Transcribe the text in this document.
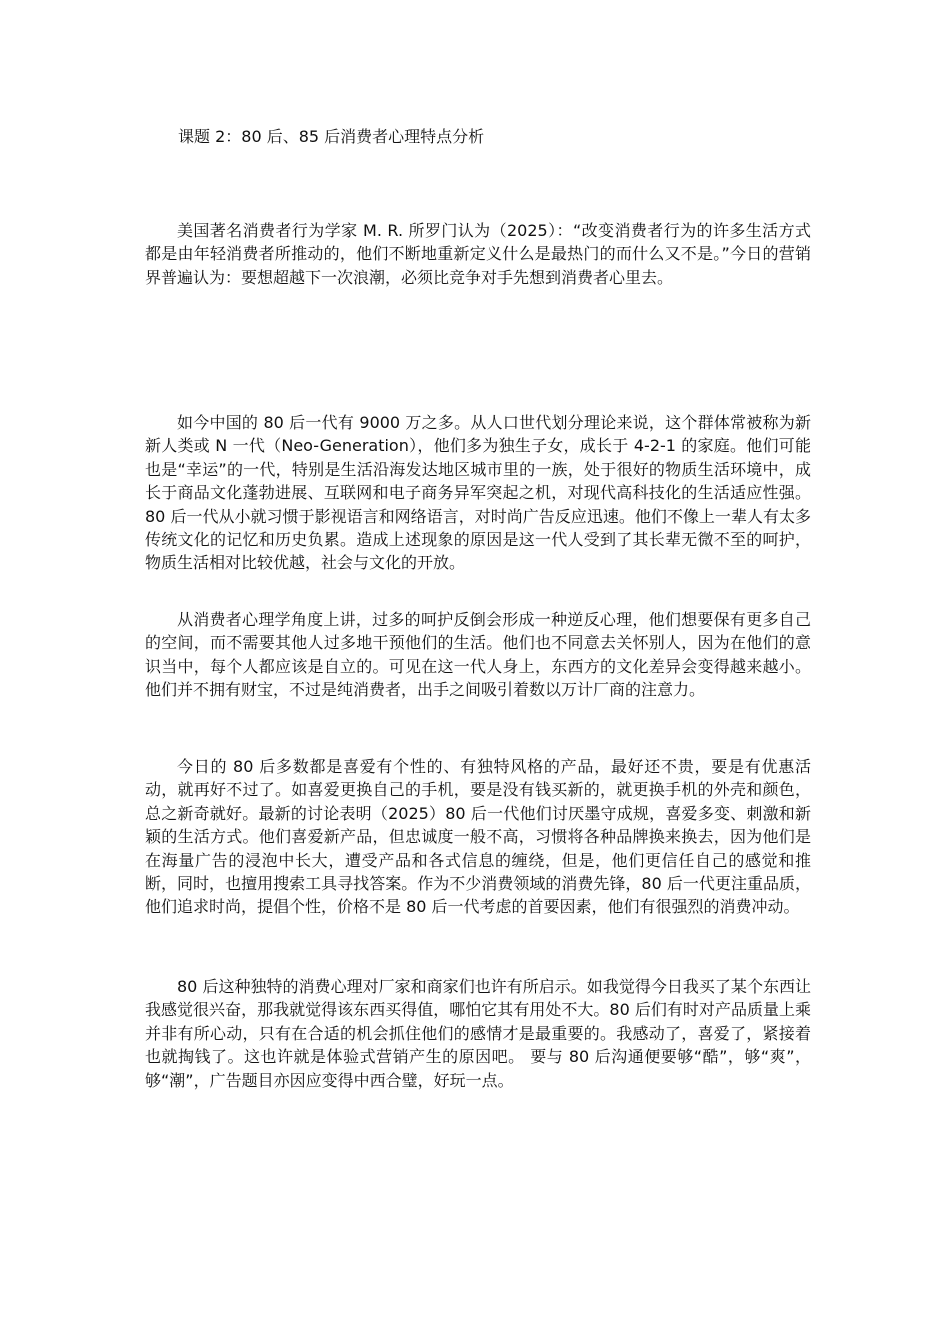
课题 2：80 后、85 后消费者心理特点分析

美国著名消费者行为学家 M. R. 所罗门认为（2025）：“改变消费者行为的许多生活方式都是由年轻消费者所推动的，他们不断地重新定义什么是最热门的而什么又不是。”今日的营销界普遍认为：要想超越下一次浪潮，必须比竞争对手先想到消费者心里去。

如今中国的 80 后一代有 9000 万之多。从人口世代划分理论来说，这个群体常被称为新新人类或 N 一代（Neo-Generation），他们多为独生子女，成长于 4-2-1 的家庭。他们可能也是“幸运”的一代，特别是生活沿海发达地区城市里的一族，处于很好的物质生活环境中，成长于商品文化蓬勃进展、互联网和电子商务异军突起之机，对现代高科技化的生活适应性强。80 后一代从小就习惯于影视语言和网络语言，对时尚广告反应迅速。他们不像上一辈人有太多传统文化的记忆和历史负累。造成上述现象的原因是这一代人受到了其长辈无微不至的呵护，物质生活相对比较优越，社会与文化的开放。

从消费者心理学角度上讲，过多的呵护反倒会形成一种逆反心理，他们想要保有更多自己的空间，而不需要其他人过多地干预他们的生活。他们也不同意去关怀别人，因为在他们的意识当中，每个人都应该是自立的。可见在这一代人身上，东西方的文化差异会变得越来越小。他们并不拥有财宝，不过是纯消费者，出手之间吸引着数以万计厂商的注意力。

今日的 80 后多数都是喜爱有个性的、有独特风格的产品，最好还不贵，要是有优惠活动，就再好不过了。如喜爱更换自己的手机，要是没有钱买新的，就更换手机的外壳和颜色，总之新奇就好。最新的讨论表明（2025）80 后一代他们讨厌墨守成规，喜爱多变、刺激和新颖的生活方式。他们喜爱新产品，但忠诚度一般不高，习惯将各种品牌换来换去，因为他们是在海量广告的浸泡中长大，遭受产品和各式信息的缠绕，但是，他们更信任自己的感觉和推断，同时，也擅用搜索工具寻找答案。作为不少消费领域的消费先锋，80 后一代更注重品质，他们追求时尚，提倡个性，价格不是 80 后一代考虑的首要因素，他们有很强烈的消费冲动。

80 后这种独特的消费心理对厂家和商家们也许有所启示。如我觉得今日我买了某个东西让我感觉很兴奋，那我就觉得该东西买得值，哪怕它其有用处不大。80 后们有时对产品质量上乘并非有所心动，只有在合适的机会抓住他们的感情才是最重要的。我感动了，喜爱了，紧接着也就掏钱了。这也许就是体验式营销产生的原因吧。 要与 80 后沟通便要够“酷”，够“爽”，够“潮”，广告题目亦因应变得中西合璧，好玩一点。
